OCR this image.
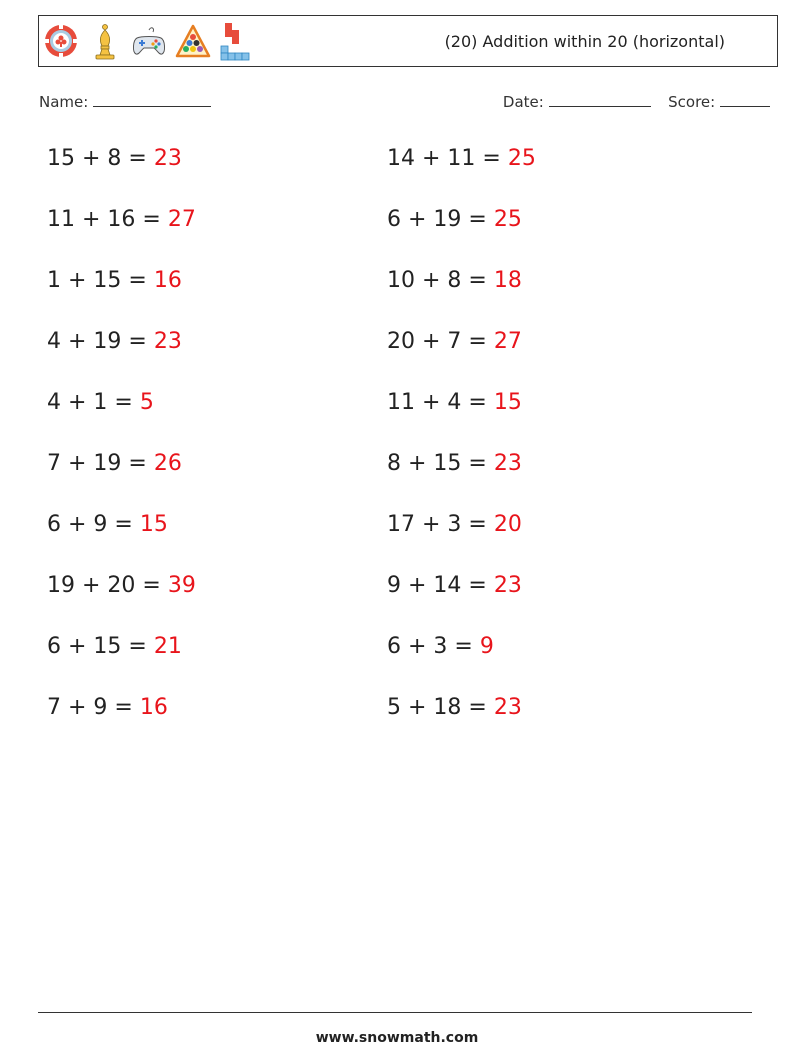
(20) Addition within 20 (horizontal)
Name:	Date:	Score:
15 + 8 = 23	14 + 11 = 25
11 + 16 = 27	6 + 19 = 25
1 + 15 = 16	10 + 8 = 18
4 + 19 = 23	20 + 7 = 27
4 + 1 = 5	11 + 4 = 15
7 + 19 = 26	8 + 15 = 23
6 + 9 = 15	17 + 3 = 20
19 + 20 = 39	9 + 14 = 23
6 + 15 = 21	6 + 3 = 9
7 + 9 = 16	5 + 18 = 23
www.snowmath.com
